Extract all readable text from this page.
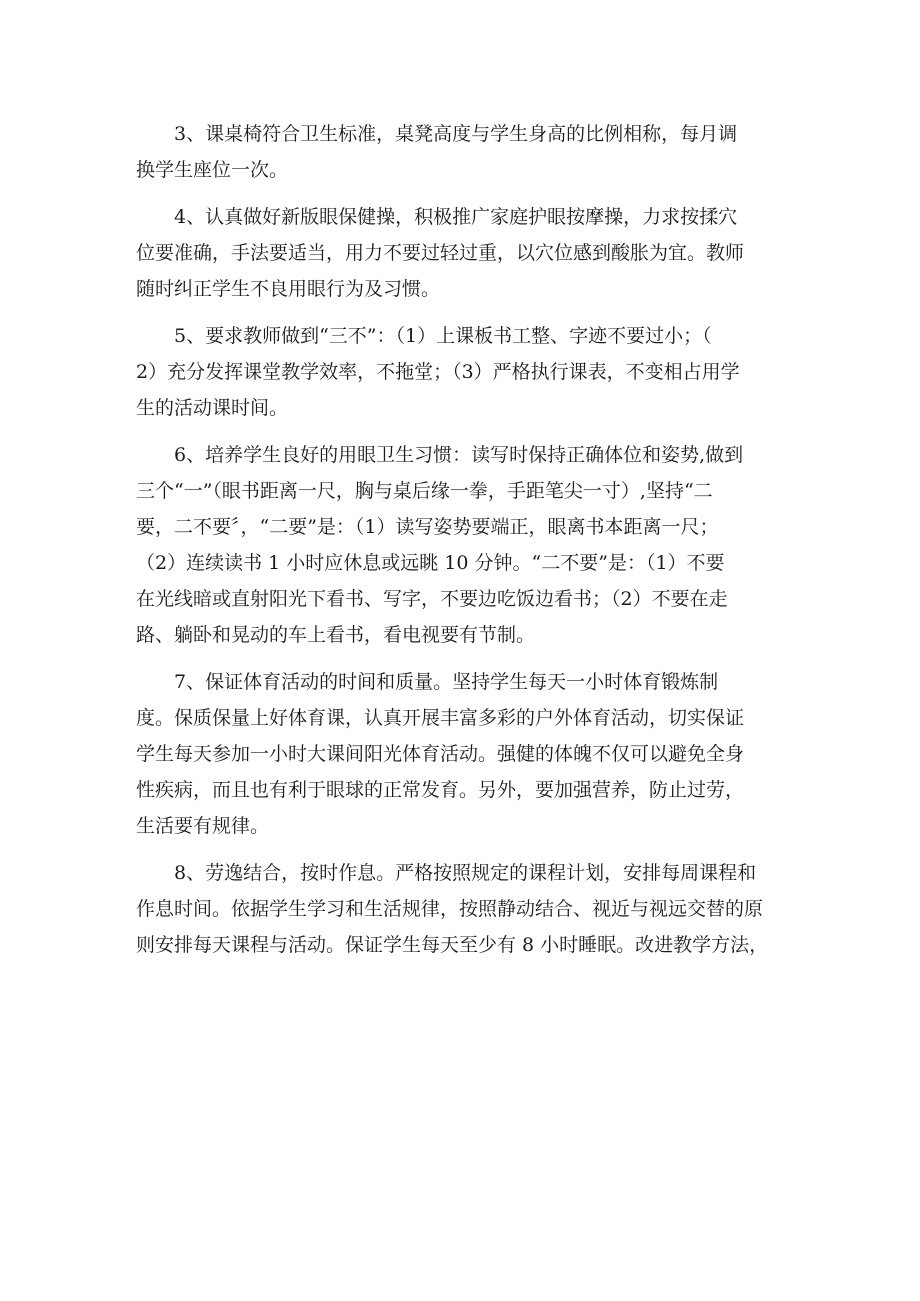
3、课桌椅符合卫生标准，桌凳高度与学生身高的比例相称，每月调
换学生座位一次。
4、认真做好新版眼保健操，积极推广家庭护眼按摩操，力求按揉穴
位要准确，手法要适当，用力不要过轻过重，以穴位感到酸胀为宜。教师
随时纠正学生不良用眼行为及习惯。
5、要求教师做到“三不”：（1）上课板书工整、字迹不要过小；（
2）充分发挥课堂教学效率，不拖堂；（3）严格执行课表，不变相占用学
生的活动课时间。
6、培养学生良好的用眼卫生习惯：读写时保持正确体位和姿势,做到
三个“一”（眼书距离一尺，胸与桌后缘一拳，手距笔尖一寸）,坚持“二
要，二不要〞，“二要”是：（1）读写姿势要端正，眼离书本距离一尺；
（2）连续读书 1 小时应休息或远眺 10 分钟。“二不要”是：（1）不要
在光线暗或直射阳光下看书、写字，不要边吃饭边看书；（2）不要在走
路、躺卧和晃动的车上看书，看电视要有节制。
7、保证体育活动的时间和质量。坚持学生每天一小时体育锻炼制
度。保质保量上好体育课，认真开展丰富多彩的户外体育活动，切实保证
学生每天参加一小时大课间阳光体育活动。强健的体魄不仅可以避免全身
性疾病，而且也有利于眼球的正常发育。另外，要加强营养，防止过劳，
生活要有规律。
8、劳逸结合，按时作息。严格按照规定的课程计划，安排每周课程和
作息时间。依据学生学习和生活规律，按照静动结合、视近与视远交替的原
则安排每天课程与活动。保证学生每天至少有 8 小时睡眠。改进教学方法，
